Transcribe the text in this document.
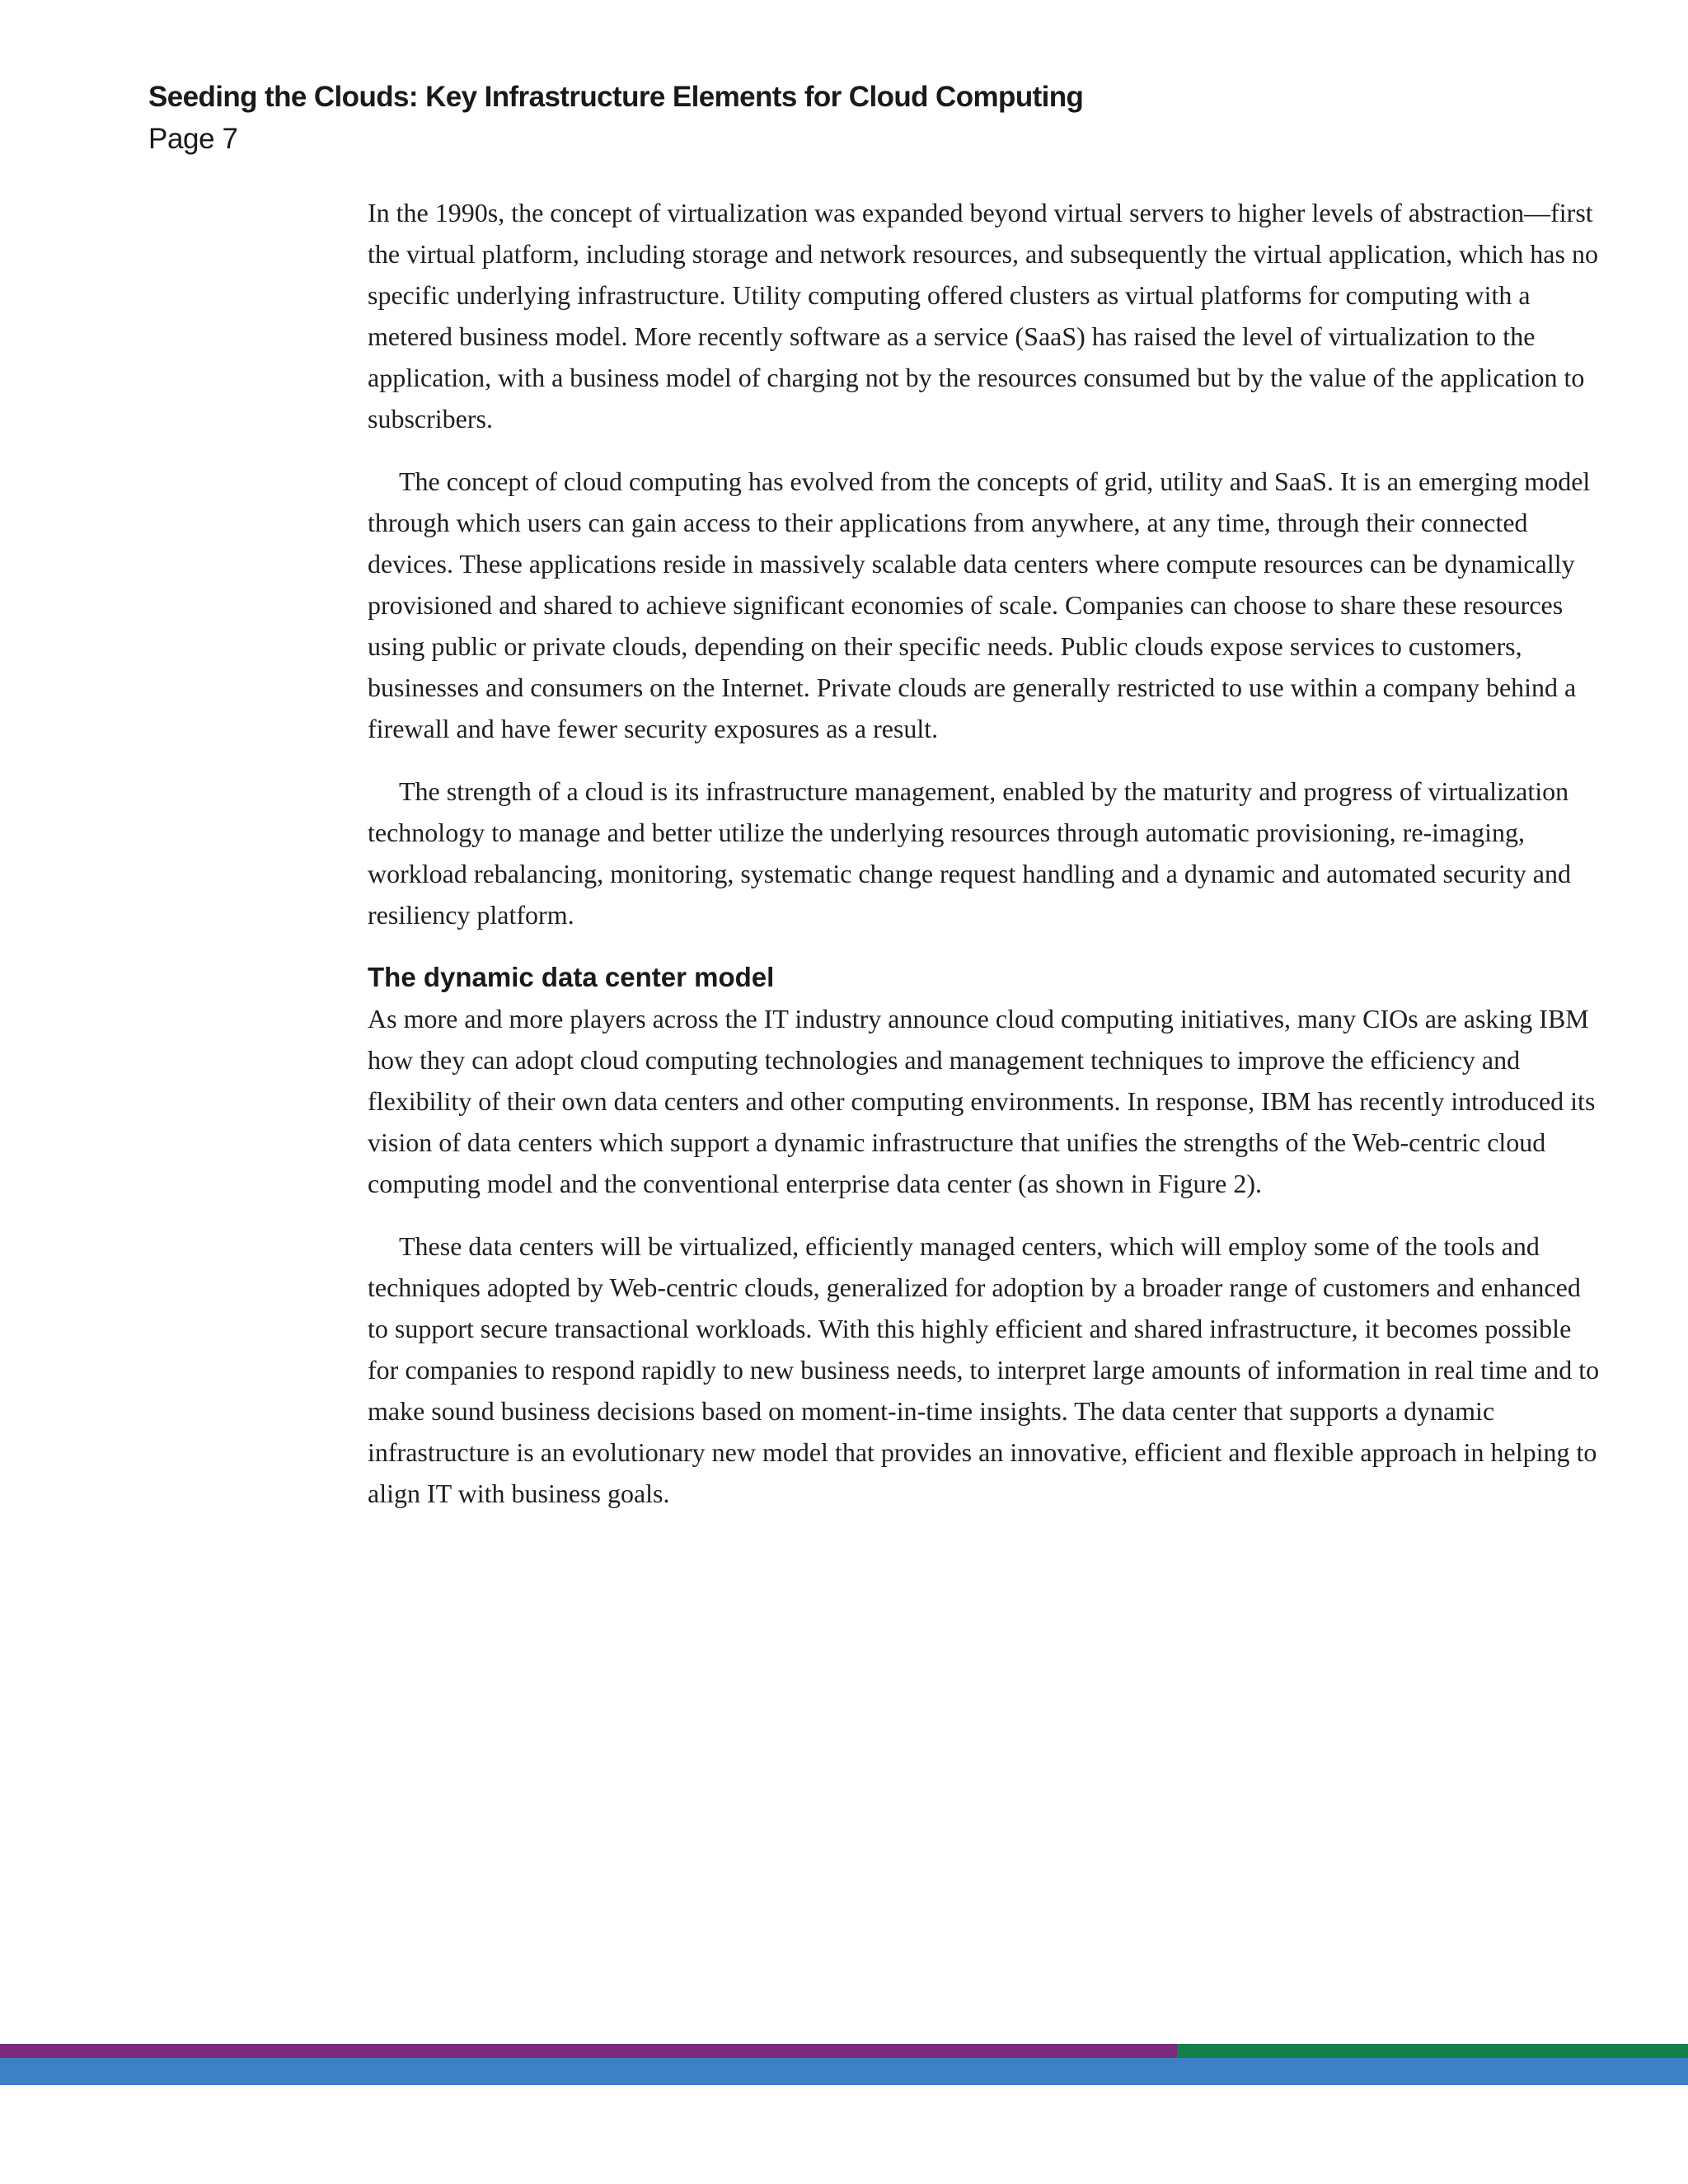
Seeding the Clouds: Key Infrastructure Elements for Cloud Computing

Page 7

In the 1990s, the concept of virtualization was expanded beyond virtual servers to higher levels of abstraction—first the virtual platform, including storage and network resources, and subsequently the virtual application, which has no specific underlying infrastructure. Utility computing offered clusters as virtual platforms for computing with a metered business model. More recently software as a service (SaaS) has raised the level of virtualization to the application, with a business model of charging not by the resources consumed but by the value of the application to subscribers.

The concept of cloud computing has evolved from the concepts of grid, utility and SaaS. It is an emerging model through which users can gain access to their applications from anywhere, at any time, through their connected devices. These applications reside in massively scalable data centers where compute resources can be dynamically provisioned and shared to achieve significant economies of scale. Companies can choose to share these resources using public or private clouds, depending on their specific needs. Public clouds expose services to customers, businesses and consumers on the Internet. Private clouds are generally restricted to use within a company behind a firewall and have fewer security exposures as a result.

The strength of a cloud is its infrastructure management, enabled by the maturity and progress of virtualization technology to manage and better utilize the underlying resources through automatic provisioning, re-imaging, workload rebalancing, monitoring, systematic change request handling and a dynamic and automated security and resiliency platform.

The dynamic data center model

As more and more players across the IT industry announce cloud computing initiatives, many CIOs are asking IBM how they can adopt cloud computing technologies and management techniques to improve the efficiency and flexibility of their own data centers and other computing environments. In response, IBM has recently introduced its vision of data centers which support a dynamic infrastructure that unifies the strengths of the Web-centric cloud computing model and the conventional enterprise data center (as shown in Figure 2).

These data centers will be virtualized, efficiently managed centers, which will employ some of the tools and techniques adopted by Web-centric clouds, generalized for adoption by a broader range of customers and enhanced to support secure transactional workloads. With this highly efficient and shared infrastructure, it becomes possible for companies to respond rapidly to new business needs, to interpret large amounts of information in real time and to make sound business decisions based on moment-in-time insights. The data center that supports a dynamic infrastructure is an evolutionary new model that provides an innovative, efficient and flexible approach in helping to align IT with business goals.
